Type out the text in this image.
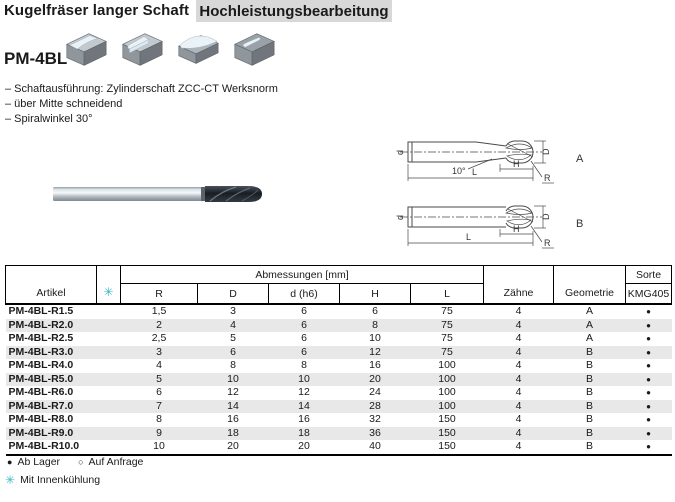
Kugelfräser langer Schaft Hochleistungsbearbeitung
PM-4BL
– Schaftausführung: Zylinderschaft ZCC-CT Werksnorm
– über Mitte schneidend
– Spiralwinkel 30°
10° L
H
D
d
R
A
L
H
D
d
R
B
Artikel	✳	Abmessungen [mm]					Zähne	Geometrie	Sorte
		R	D	d (h6)	H	L			KMG405
PM-4BL-R1.5		1,5	3	6	6	75	4	A	●
PM-4BL-R2.0		2	4	6	8	75	4	A	●
PM-4BL-R2.5		2,5	5	6	10	75	4	A	●
PM-4BL-R3.0		3	6	6	12	75	4	B	●
PM-4BL-R4.0		4	8	8	16	100	4	B	●
PM-4BL-R5.0		5	10	10	20	100	4	B	●
PM-4BL-R6.0		6	12	12	24	100	4	B	●
PM-4BL-R7.0		7	14	14	28	100	4	B	●
PM-4BL-R8.0		8	16	16	32	150	4	B	●
PM-4BL-R9.0		9	18	18	36	150	4	B	●
PM-4BL-R10.0		10	20	20	40	150	4	B	●
● Ab Lager ○ Auf Anfrage
✳ Mit Innenkühlung
